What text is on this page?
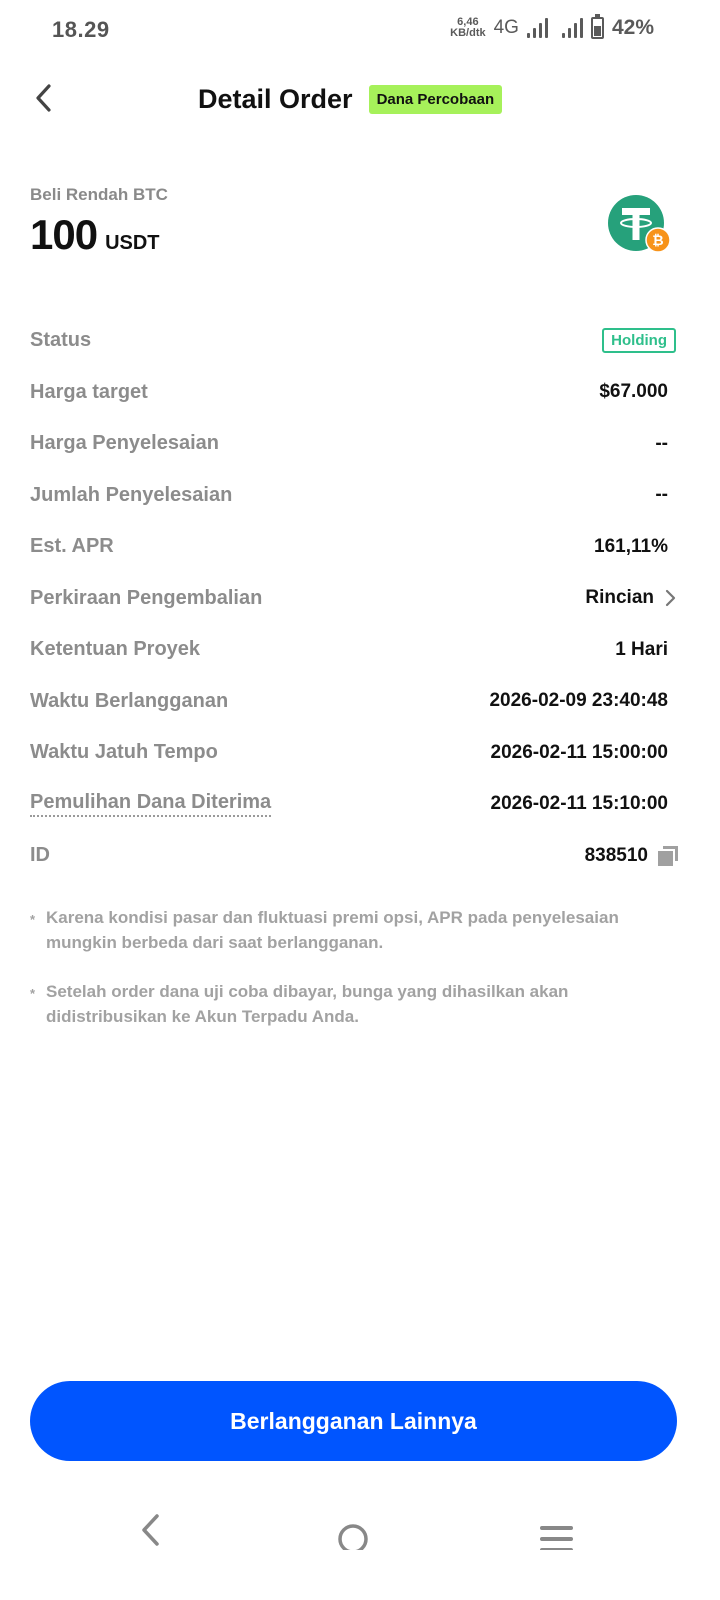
18.29	6,46
KB/dtk 4G	42%
Detail Order	Dana Percobaan
Beli Rendah BTC
100 USDT	₿
Status	Holding
Harga target	$67.000
Harga Penyelesaian	--
Jumlah Penyelesaian	--
Est. APR	161,11%
Perkiraan Pengembalian	Rincian
Ketentuan Proyek	1 Hari
Waktu Berlangganan	2026-02-09 23:40:48
Waktu Jatuh Tempo	2026-02-11 15:00:00
Pemulihan Dana Diterima	2026-02-11 15:10:00
ID	838510
* Karena kondisi pasar dan fluktuasi premi opsi, APR pada penyelesaian mungkin berbeda dari saat berlangganan.
* Setelah order dana uji coba dibayar, bunga yang dihasilkan akan didistribusikan ke Akun Terpadu Anda.
Berlangganan Lainnya
